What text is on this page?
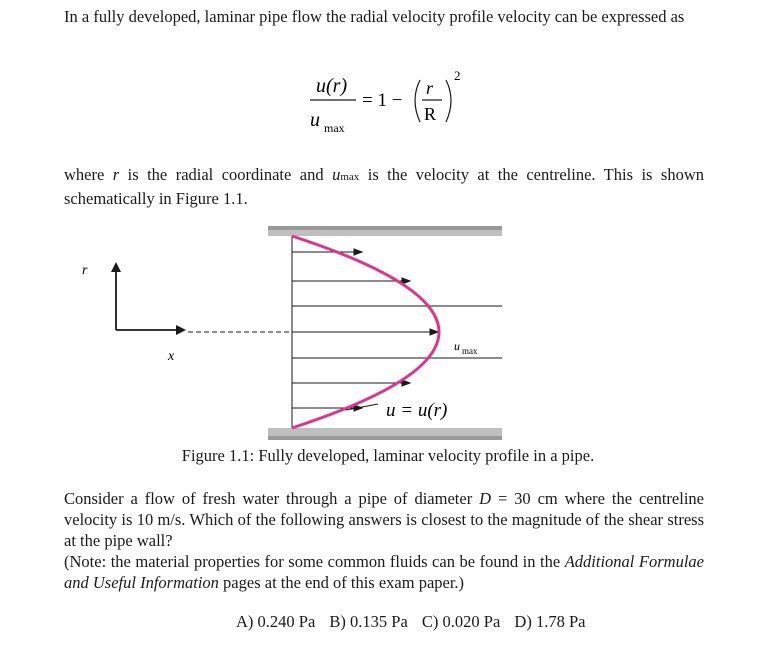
In a fully developed, laminar pipe flow the radial velocity profile velocity can be expressed as
u(r)
u max
= 1 −
r
R
2
where r is the radial coordinate and umax is the velocity at the centreline. This is shown schematically in Figure 1.1.
r
x
u max
u = u(r)
Figure 1.1: Fully developed, laminar velocity profile in a pipe.
Consider a flow of fresh water through a pipe of diameter D = 30 cm where the centreline velocity is 10 m/s. Which of the following answers is closest to the magnitude of the shear stress at the pipe wall?
(Note: the material properties for some common fluids can be found in the Additional Formulae and Useful Information pages at the end of this exam paper.)
A) 0.240 Pa B) 0.135 Pa C) 0.020 Pa D) 1.78 Pa
